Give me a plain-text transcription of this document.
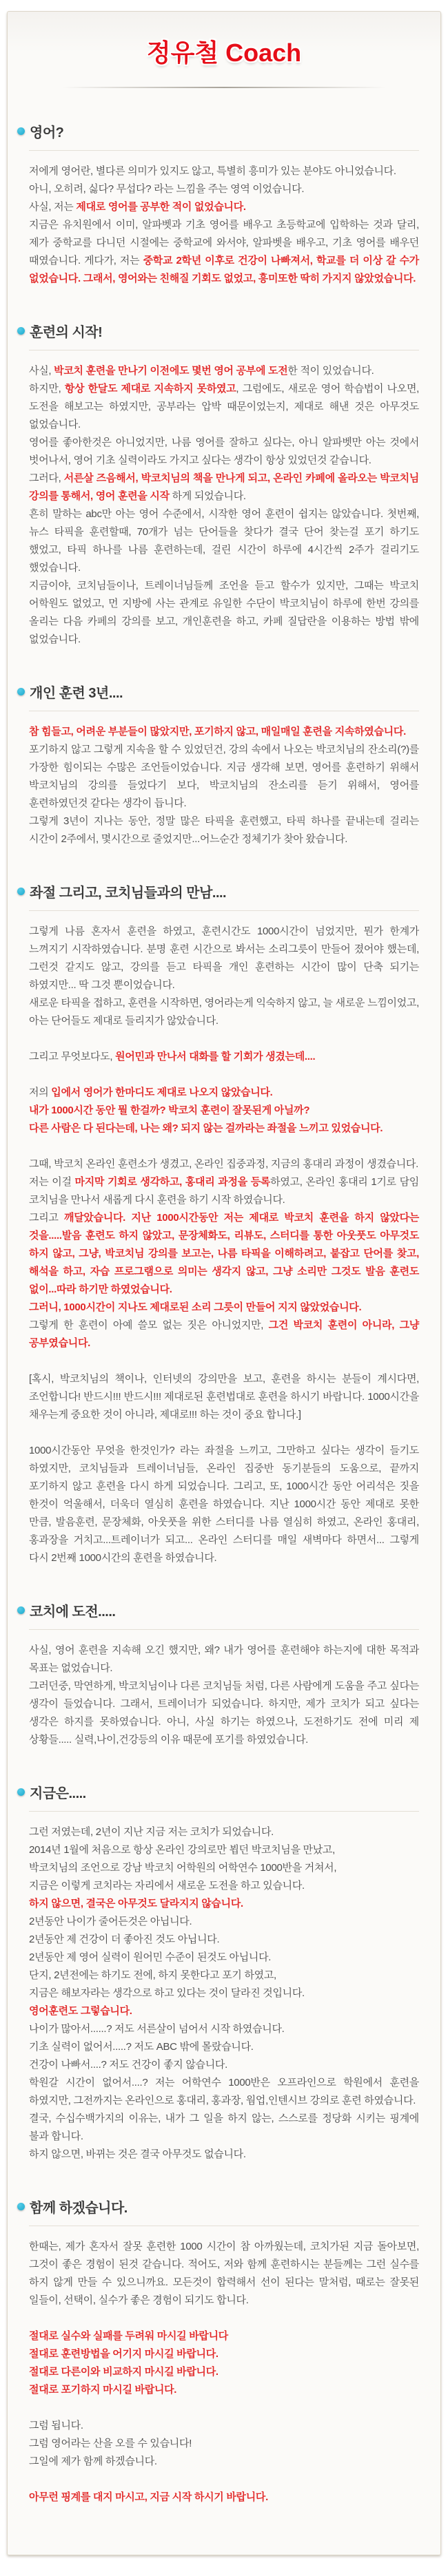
정유철 Coach
영어?

저에게 영어란, 별다른 의미가 있지도 않고, 특별히 흥미가 있는 분야도 아니었습니다.

아니, 오히려, 싫다? 무섭다? 라는 느낌을 주는 영역 이었습니다.

사실, 저는 제대로 영어를 공부한 적이 없었습니다.

지금은 유치원에서 이미, 알파벳과 기초 영어를 배우고 초등학교에 입학하는 것과 달리, 제가 중학교를 다니던 시절에는 중학교에 와서야, 알파벳을 배우고, 기초 영어를 배우던 때였습니다. 게다가, 저는 중학교 2학년 이후로 건강이 나빠져서, 학교를 더 이상 갈 수가 없었습니다. 그래서, 영어와는 친해질 기회도 없었고, 흥미또한 딱히 가지지 않았었습니다.

훈련의 시작!

사실, 박코치 훈련을 만나기 이전에도 몇번 영어 공부에 도전한 적이 있었습니다.

하지만, 항상 한달도 제대로 지속하지 못하였고, 그럼에도, 새로운 영어 학습법이 나오면, 도전을 해보고는 하였지만, 공부라는 압박 때문이었는지, 제대로 해낸 것은 아무것도 없었습니다.

영어를 좋아한것은 아니었지만, 나름 영어를 잘하고 싶다는, 아니 알파벳만 아는 것에서 벗어나서, 영어 기초 실력이라도 가지고 싶다는 생각이 항상 있었던것 같습니다.

그러다, 서른살 즈음해서, 박코치님의 책을 만나게 되고, 온라인 카페에 올라오는 박코치님 강의를 통해서, 영어 훈련을 시작 하게 되었습니다.

흔히 말하는 abc만 아는 영어 수준에서, 시작한 영어 훈련이 쉽지는 않았습니다. 첫번째, 뉴스 타픽을 훈련할때, 70개가 넘는 단어들을 찾다가 결국 단어 찾는걸 포기 하기도 했었고, 타픽 하나를 나름 훈련하는데, 걸린 시간이 하루에 4시간씩 2주가 걸리기도 했었습니다.

지금이야, 코치님들이나, 트레이너님들께 조언을 듣고 할수가 있지만, 그때는 박코치 어학원도 없었고, 먼 지방에 사는 관계로 유일한 수단이 박코치님이 하루에 한번 강의를 올리는 다음 카페의 강의를 보고, 개인훈련을 하고, 카페 질답란을 이용하는 방법 밖에 없었습니다.

개인 훈련 3년....

참 힘들고, 어려운 부분들이 많았지만, 포기하지 않고, 매일매일 훈련을 지속하였습니다.

포기하지 않고 그렇게 지속을 할 수 있었던건, 강의 속에서 나오는 박코치님의 잔소리(?)를 가장한 힘이되는 수많은 조언들이었습니다. 지금 생각해 보면, 영어를 훈련하기 위해서 박코치님의 강의를 들었다기 보다, 박코치님의 잔소리를 듣기 위해서, 영어를 훈련하였던것 같다는 생각이 듭니다.

그렇게 3년이 지나는 동안, 정말 많은 타픽을 훈련했고, 타픽 하나를 끝내는데 걸리는 시간이 2주에서, 몇시간으로 줄었지만...어느순간 정체기가 찾아 왔습니다.

좌절 그리고, 코치님들과의 만남....

그렇게 나름 혼자서 훈련을 하였고, 훈련시간도 1000시간이 넘었지만, 뭔가 한계가 느껴지기 시작하였습니다. 분명 훈련 시간으로 봐서는 소리그릇이 만들어 졌어야 했는데, 그런것 같지도 않고, 강의를 듣고 타픽을 개인 훈련하는 시간이 많이 단축 되기는 하였지만... 딱 그것 뿐이었습니다.

새로운 타픽을 접하고, 훈련을 시작하면, 영어라는게 익숙하지 않고, 늘 새로운 느낌이었고, 아는 단어들도 제대로 들리지가 않았습니다.

그리고 무엇보다도, 원어민과 만나서 대화를 할 기회가 생겼는데....

저의 입에서 영어가 한마디도 제대로 나오지 않았습니다.

내가 1000시간 동안 뭘 한걸까? 박코치 훈련이 잘못된게 아닐까?

다른 사람은 다 된다는데, 나는 왜? 되지 않는 걸까라는 좌절을 느끼고 있었습니다.

그때, 박코치 온라인 훈련소가 생겼고, 온라인 집중과정, 지금의 홍대리 과정이 생겼습니다.

저는 이걸 마지막 기회로 생각하고, 홍대리 과정을 등록하였고, 온라인 홍대리 1기로 담임 코치님을 만나서 새롭게 다시 훈련을 하기 시작 하였습니다.

그리고 깨달았습니다. 지난 1000시간동안 저는 제대로 박코치 훈련을 하지 않았다는 것을.....발음 훈련도 하지 않았고, 문장체화도, 리뷰도, 스터디를 통한 아웃풋도 아무것도 하지 않고, 그냥, 박코치님 강의를 보고는, 나름 타픽을 이해하려고, 붙잡고 단어를 찾고, 해석을 하고, 자습 프로그램으로 의미는 생각지 않고, 그냥 소리만 그것도 발음 훈련도 없이...따라 하기만 하였었습니다.

그러니, 1000시간이 지나도 제대로된 소리 그릇이 만들어 지지 않았었습니다.

그렇게 한 훈련이 아예 쓸모 없는 짓은 아니었지만, 그건 박코치 훈련이 아니라, 그냥 공부였습니다.

[혹시, 박코치님의 책이나, 인터넷의 강의만을 보고, 훈련을 하시는 분들이 계시다면, 조언합니다! 반드시!!! 반드시!!! 제대로된 훈련법대로 훈련을 하시기 바랍니다. 1000시간을 채우는게 중요한 것이 아니라, 제대로!!! 하는 것이 중요 합니다.]

1000시간동안 무엇을 한것인가? 라는 좌절을 느끼고, 그만하고 싶다는 생각이 들기도 하였지만, 코치님들과 트레이너님들, 온라인 집중반 동기분들의 도움으로, 끝까지 포기하지 않고 훈련을 다시 하게 되었습니다. 그리고, 또, 1000시간 동안 어리석은 짓을 한것이 억울해서, 더욱더 열심히 훈련을 하였습니다. 지난 1000시간 동안 제대로 못한 만큼, 발음훈련, 문장체화, 아웃풋을 위한 스터디를 나름 열심히 하였고, 온라인 홍대리, 홍과장을 거치고...트레이너가 되고... 온라인 스터디를 매일 새벽마다 하면서... 그렇게 다시 2번째 1000시간의 훈련을 하였습니다.

코치에 도전.....

사실, 영어 훈련을 지속해 오긴 했지만, 왜? 내가 영어를 훈련해야 하는지에 대한 목적과 목표는 없었습니다.

그러던중, 막연하게, 박코치님이나 다른 코치님들 처럼, 다른 사람에게 도움을 주고 싶다는 생각이 들었습니다. 그래서, 트레이너가 되었습니다. 하지만, 제가 코치가 되고 싶다는 생각은 하지를 못하였습니다. 아니, 사실 하기는 하였으나, 도전하기도 전에 미리 제 상황들..... 실력,나이,건강등의 이유 때문에 포기를 하였었습니다.

지금은.....

그런 저였는데, 2년이 지난 지금 저는 코치가 되었습니다.

2014년 1월에 처음으로 항상 온라인 강의로만 뵙던 박코치님을 만났고,

박코치님의 조언으로 강남 박코치 어학원의 어학연수 1000반을 거쳐서,

지금은 이렇게 코치라는 자리에서 새로운 도전을 하고 있습니다.

하지 않으면, 결국은 아무것도 달라지지 않습니다.

2년동안 나이가 줄어든것은 아닙니다.

2년동안 제 건강이 더 좋아진 것도 아닙니다.

2년동안 제 영어 실력이 원어민 수준이 된것도 아닙니다.

단지, 2년전에는 하기도 전에, 하지 못한다고 포기 하였고,

지금은 해보자라는 생각으로 하고 있다는 것이 달라진 것입니다.

영어훈련도 그렇습니다.

나이가 많아서......? 저도 서른살이 넘어서 시작 하였습니다.

기초 실력이 없어서.....? 저도 ABC 밖에 몰랐습니다.

건강이 나빠서....? 저도 건강이 좋지 않습니다.

학원갈 시간이 없어서....? 저는 어학연수 1000반은 오프라인으로 학원에서 훈련을 하였지만, 그전까지는 온라인으로 홍대리, 홍과장, 웜업,인텐시브 강의로 훈련 하였습니다.

결국, 수십수백가지의 이유는, 내가 그 일을 하지 않는, 스스로를 정당화 시키는 핑계에 불과 합니다.

하지 않으면, 바뀌는 것은 결국 아무것도 없습니다.

함께 하겠습니다.

한때는, 제가 혼자서 잘못 훈련한 1000 시간이 참 아까웠는데, 코치가된 지금 돌아보면, 그것이 좋은 경험이 된것 같습니다. 적어도, 저와 함께 훈련하시는 분들께는 그런 실수를 하지 않게 만들 수 있으니까요. 모든것이 합력해서 선이 된다는 말처럼, 때로는 잘못된 일들이, 선택이, 실수가 좋은 경험이 되기도 합니다.

절대로 실수와 실패를 두려워 마시길 바랍니다

절대로 훈련방법을 어기지 마시길 바랍니다.

절대로 다른이와 비교하지 마시길 바랍니다.

절대로 포기하지 마시길 바랍니다.

그럼 됩니다.

그럼 영어라는 산을 오를 수 있습니다!

그일에 제가 함께 하겠습니다.

아무런 핑계를 대지 마시고, 지금 시작 하시기 바랍니다.
